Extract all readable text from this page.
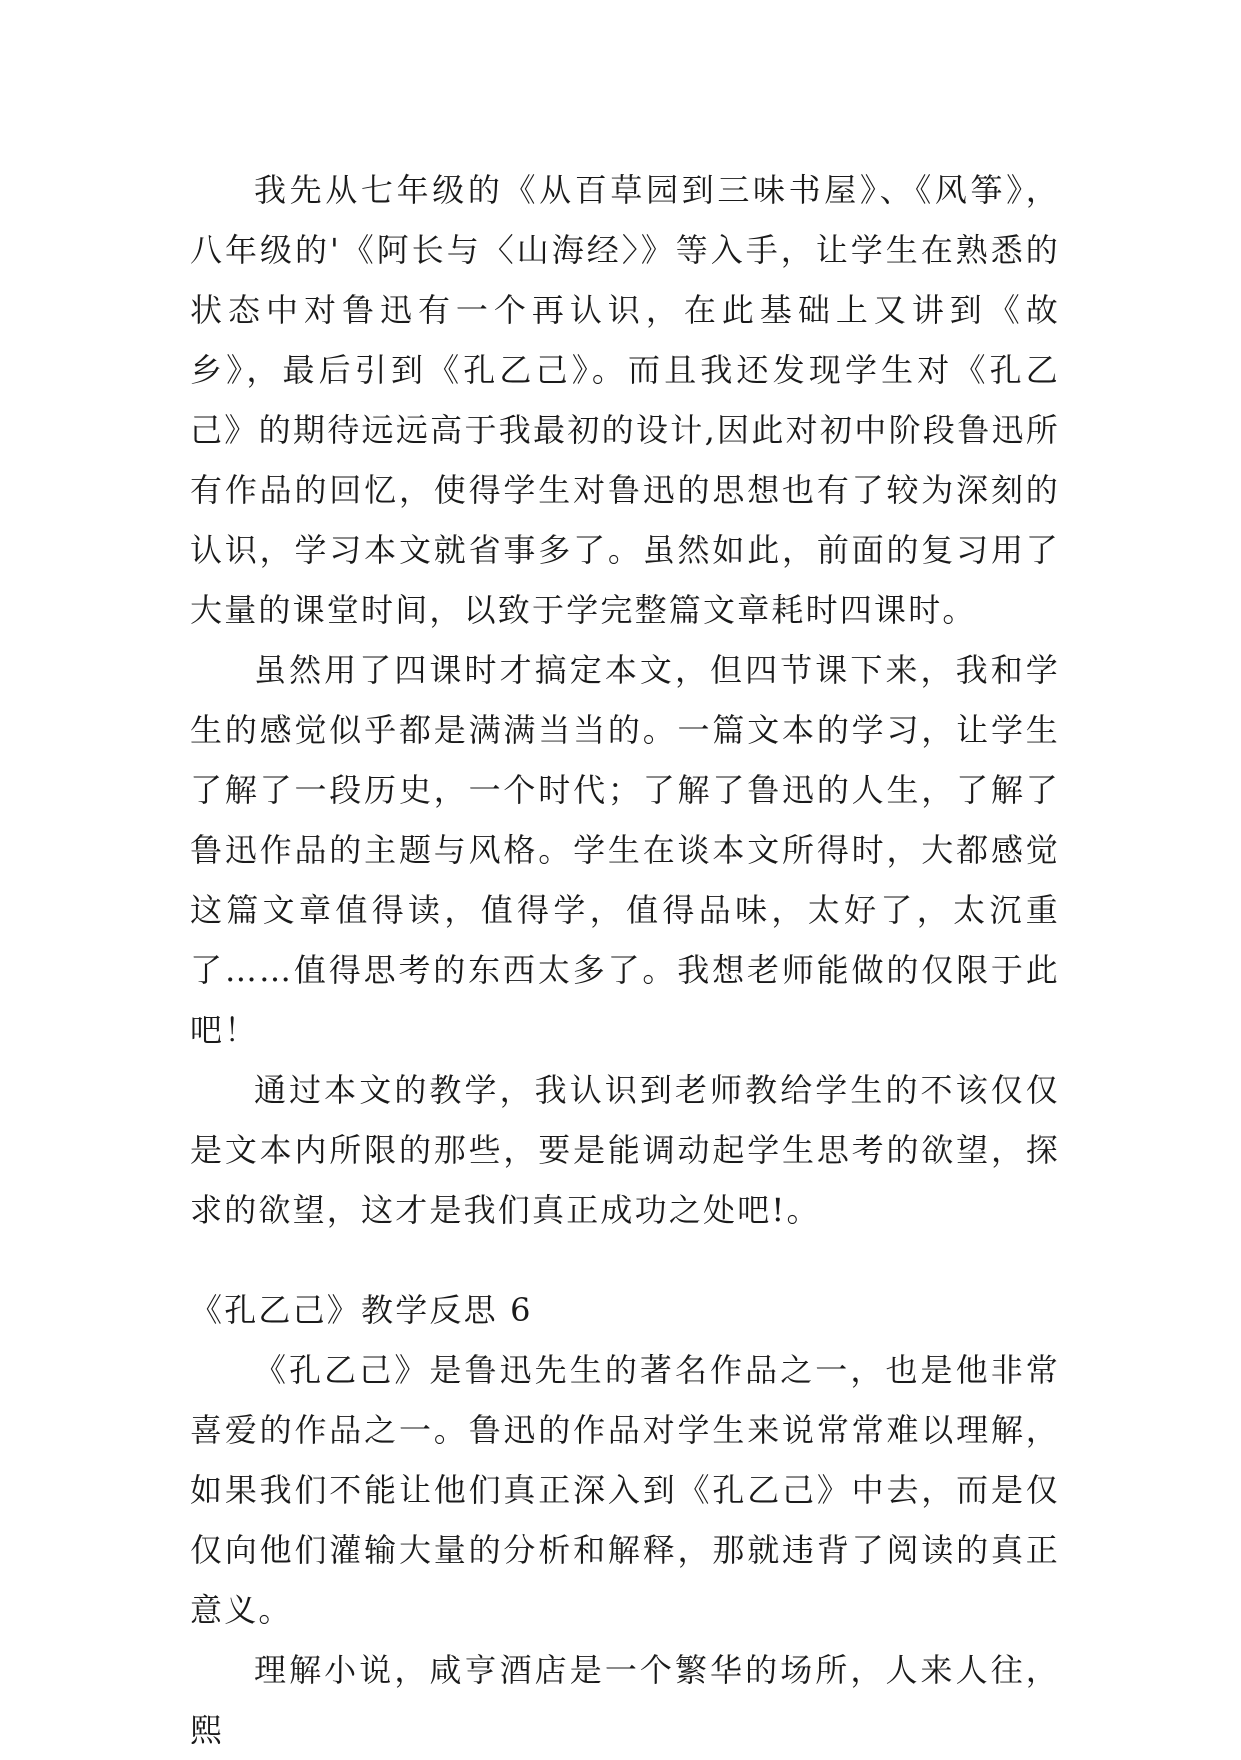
我先从七年级的《从百草园到三味书屋》、《风筝》，八年级的'《阿长与〈山海经〉》等入手，让学生在熟悉的状态中对鲁迅有一个再认识，在此基础上又讲到《故乡》，最后引到《孔乙己》。而且我还发现学生对《孔乙己》的期待远远高于我最初的设计,因此对初中阶段鲁迅所有作品的回忆，使得学生对鲁迅的思想也有了较为深刻的认识，学习本文就省事多了。虽然如此，前面的复习用了大量的课堂时间，以致于学完整篇文章耗时四课时。

虽然用了四课时才搞定本文，但四节课下来，我和学生的感觉似乎都是满满当当的。一篇文本的学习，让学生了解了一段历史，一个时代；了解了鲁迅的人生，了解了鲁迅作品的主题与风格。学生在谈本文所得时，大都感觉这篇文章值得读，值得学，值得品味，太好了，太沉重了……值得思考的东西太多了。我想老师能做的仅限于此吧！

通过本文的教学，我认识到老师教给学生的不该仅仅是文本内所限的那些，要是能调动起学生思考的欲望，探求的欲望，这才是我们真正成功之处吧!。

《孔乙己》教学反思 6

《孔乙己》是鲁迅先生的著名作品之一，也是他非常喜爱的作品之一。鲁迅的作品对学生来说常常难以理解，如果我们不能让他们真正深入到《孔乙己》中去，而是仅仅向他们灌输大量的分析和解释，那就违背了阅读的真正意义。

理解小说，咸亨酒店是一个繁华的场所，人来人往，熙
